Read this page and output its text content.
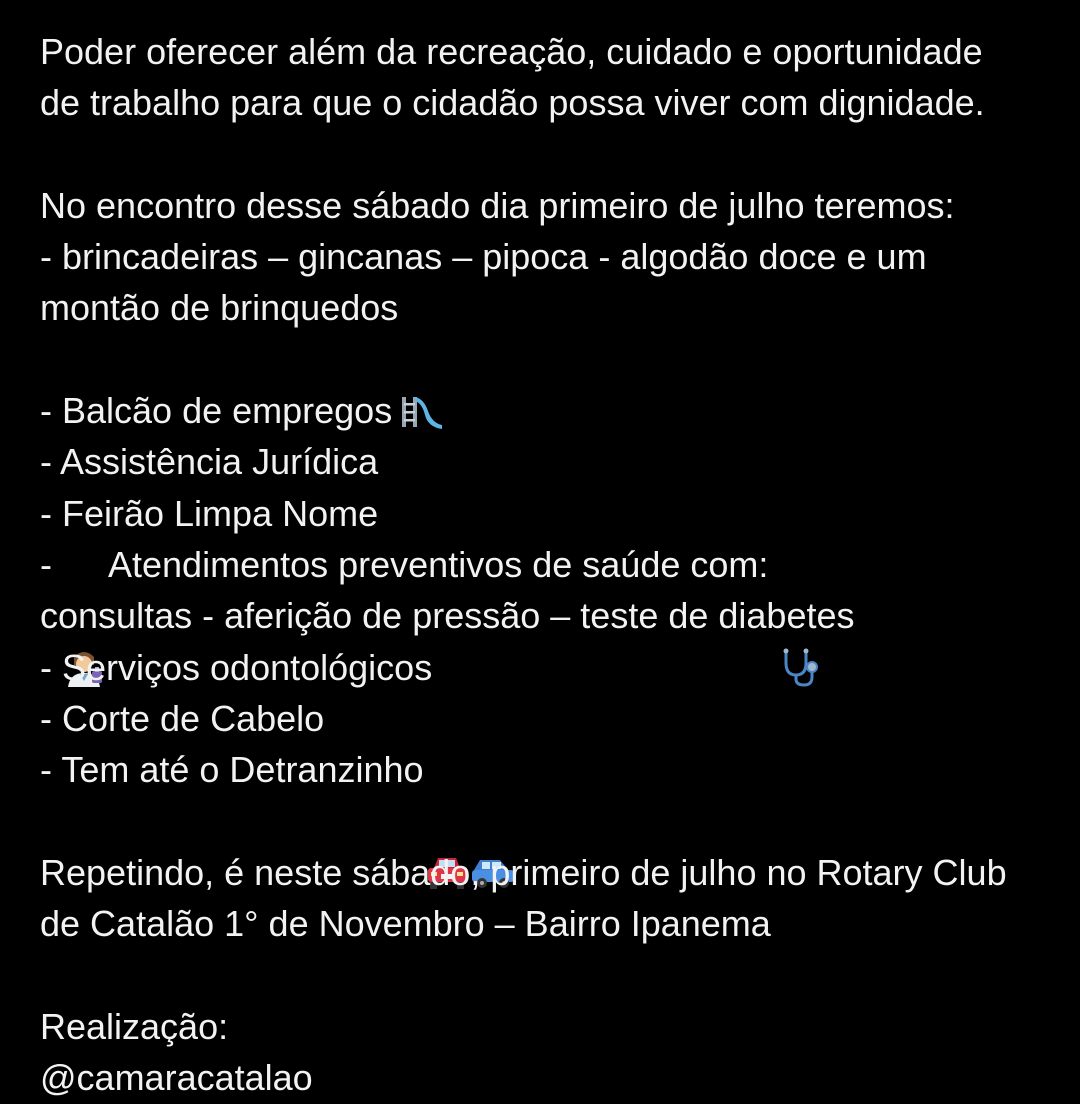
Poder oferecer além da recreação, cuidado e oportunidade
de trabalho para que o cidadão possa viver com dignidade.
No encontro desse sábado dia primeiro de julho teremos:
- brincadeiras – gincanas – pipoca - algodão doce e um
montão de brinquedos

- Balcão de empregos
- Assistência Jurídica
- Feirão Limpa Nome
-

Atendimentos preventivos de saúde com:

consultas - aferição de pressão – teste de diabetes
- Serviços odontológicos
- Corte de Cabelo
- Tem até o Detranzinho

Repetindo, é neste sábado, primeiro de julho no Rotary Club
de Catalão 1° de Novembro – Bairro Ipanema
Realização:
@camaracatalao
